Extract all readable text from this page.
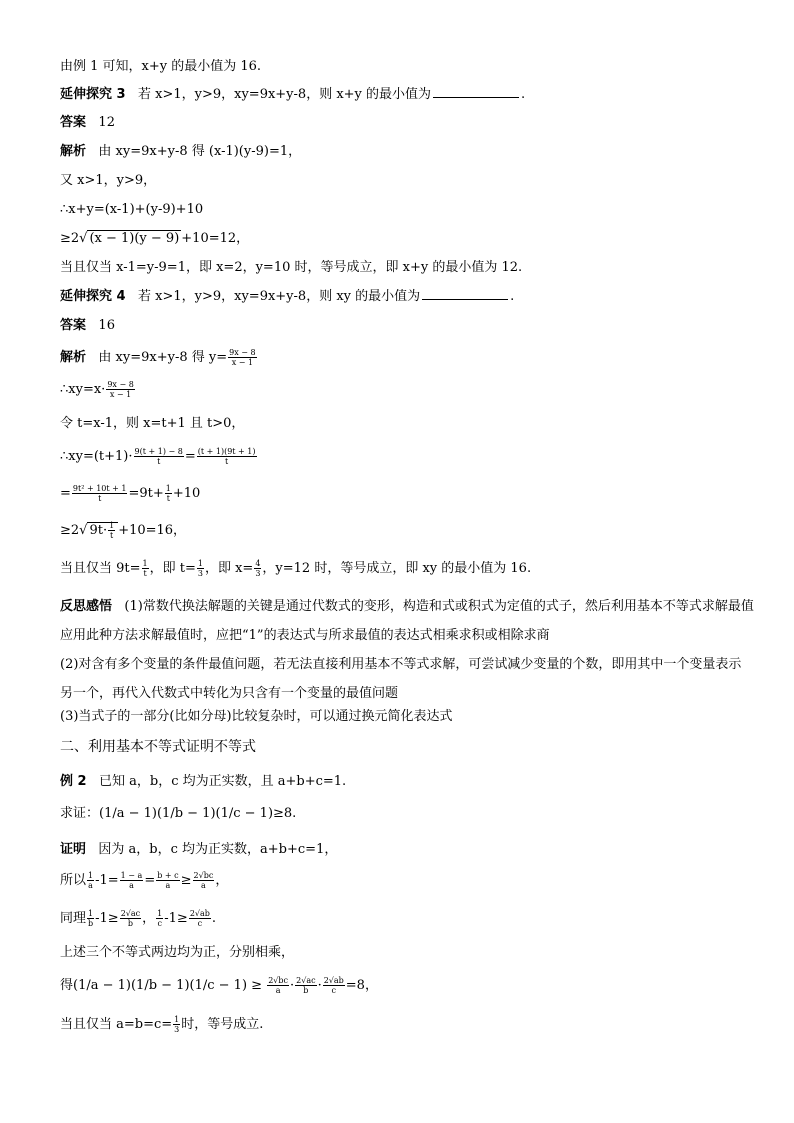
由例 1 可知，x+y 的最小值为 16.
延伸探究 3 若 x>1，y>9，xy=9x+y-8，则 x+y 的最小值为	.
答案 12
解析 由 xy=9x+y-8 得 (x-1)(y-9)=1，
又 x>1，y>9，
∴x+y=(x-1)+(y-9)+10
≥2√ (x − 1)(y − 9) +10=12，
当且仅当 x-1=y-9=1，即 x=2，y=10 时，等号成立，即 x+y 的最小值为 12.
延伸探究 4 若 x>1，y>9，xy=9x+y-8，则 xy 的最小值为	.
答案 16
解析 由 xy=9x+y-8 得 $y= \frac{9x - 8}{x - 1}$
∴xy=x· $\frac{9x - 8}{x - 1}$
令 t=x-1，则 x=t+1 且 t>0，
∴xy=(t+1)· $\frac{9(t + 1) - 8}{t} = \frac{(t + 1)(9t + 1)}{t}$
= $\frac{\text{9t² + 10t + 1}}{t} =9t+ \frac{1}{t} +10$
≥2√ $9t\cdot \frac{1}{t} +10=16$，
当且仅当 $9t= \frac{1}{t}$ ，即 $t= \frac{1}{3}$ ，即 $x= \frac{4}{3}$ ，y=12 时，等号成立，即 xy 的最小值为 16.
反思感悟 (1)常数代换法解题的关键是通过代数式的变形，构造和式或积式为定值的式子，然后利用基本不等式求解最值应用此种方法求解最值时，应把“1”的表达式与所求最值的表达式相乘求积或相除求商
(2)对含有多个变量的条件最值问题，若无法直接利用基本不等式求解，可尝试减少变量的个数，即用其中一个变量表示另一个，再代入代数式中转化为只含有一个变量的最值问题
(3)当式子的一部分(比如分母)比较复杂时，可以通过换元简化表达式
二、利用基本不等式证明不等式
例 2 已知 a，b，c 均为正实数，且 a+b+c=1.
求证：(1/a − 1)(1/b − 1)(1/c − 1)≥8.
证明 因为 a，b，c 均为正实数，a+b+c=1，
所以 $\frac{1}{a} -1= \frac{1 - a}{a} = \frac{b + c}{a} \ge \frac{2√bc}{a}$ ，
同理 $\frac{1}{b} -1\ge \frac{2√ac}{b}$ ， $\frac{1}{c} -1\ge \frac{2√ab}{c}$ .
上述三个不等式两边均为正，分别相乘，
得$(1/a - 1)(1/b - 1)(1/c - 1) \ge \frac{2√bc}{a} \cdot \frac{2√ac}{b} \cdot \frac{2√ab}{c} =8$，
当且仅当 $a=b=c= \frac{1}{3}$ 时，等号成立.
